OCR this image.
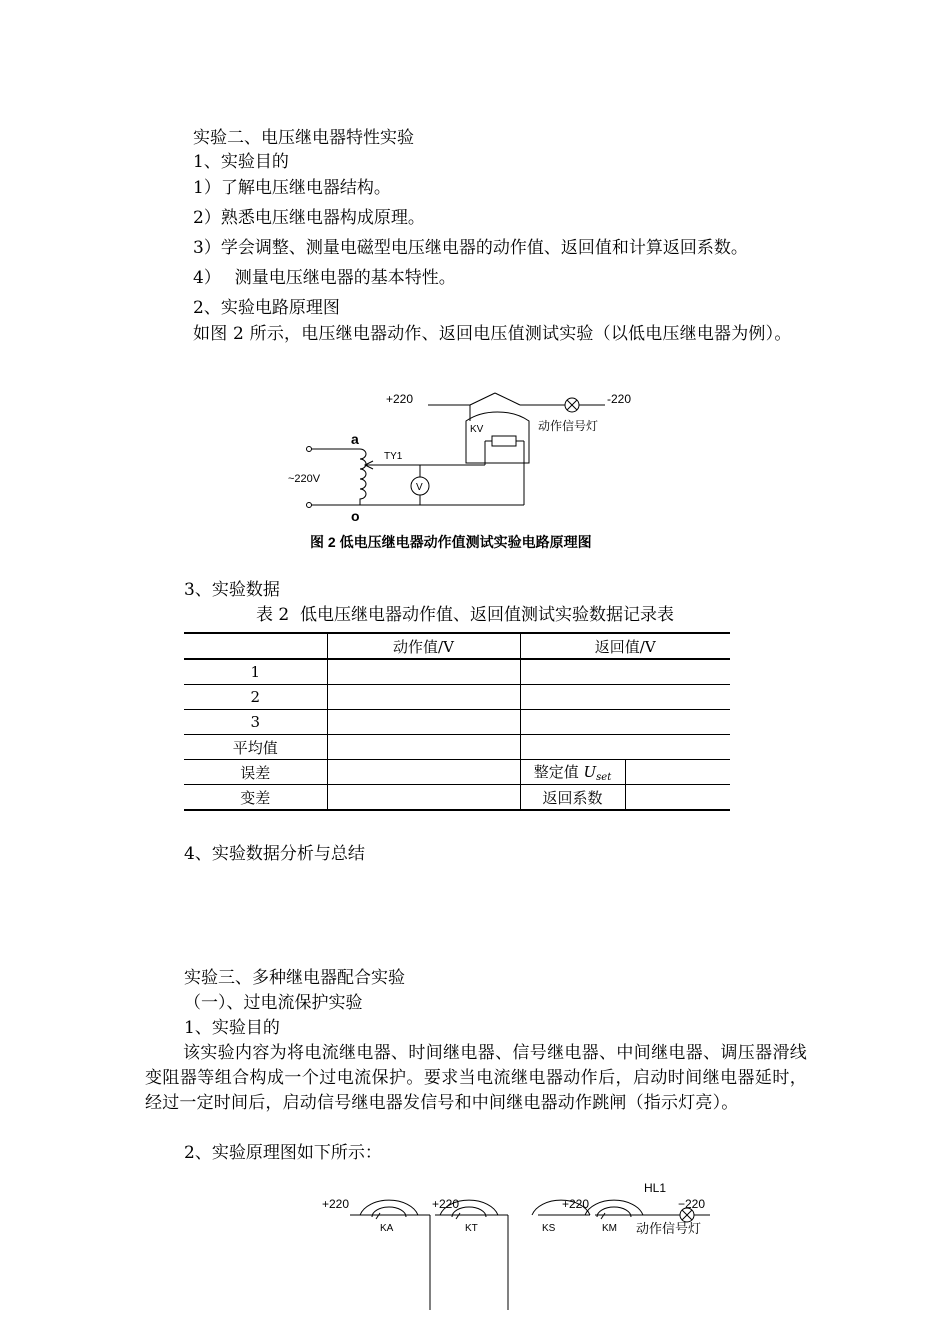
实验二、电压继电器特性实验
1、实验目的
1）了解电压继电器结构。
2）熟悉电压继电器构成原理。
3）学会调整、测量电磁型电压继电器的动作值、返回值和计算返回系数。
4）　 测量电压继电器的基本特性。
2、实验电路原理图
如图 2 所示，电压继电器动作、返回电压值测试实验（以低电压继电器为例）。
+220	-220
KV	动作信号灯
a
o
TY1
~220V
V
图 2 低电压继电器动作值测试实验电路原理图
3、实验数据
表 2  低电压继电器动作值、返回值测试实验数据记录表
	动作值/V	返回值/V	
1			
2			
3			
平均值			
误差		整定值 $U_{set}$	
变差		返回系数	
4、实验数据分析与总结
实验三、多种继电器配合实验
（一）、过电流保护实验
1、实验目的
该实验内容为将电流继电器、时间继电器、信号继电器、中间继电器、调压器滑线变阻器等组合构成一个过电流保护。要求当电流继电器动作后，启动时间继电器延时，经过一定时间后，启动信号继电器发信号和中间继电器动作跳闸（指示灯亮）。
2、实验原理图如下所示：
+220	+220	+220	−220
HL1
KA	KT	KS	KM 动作信号灯
